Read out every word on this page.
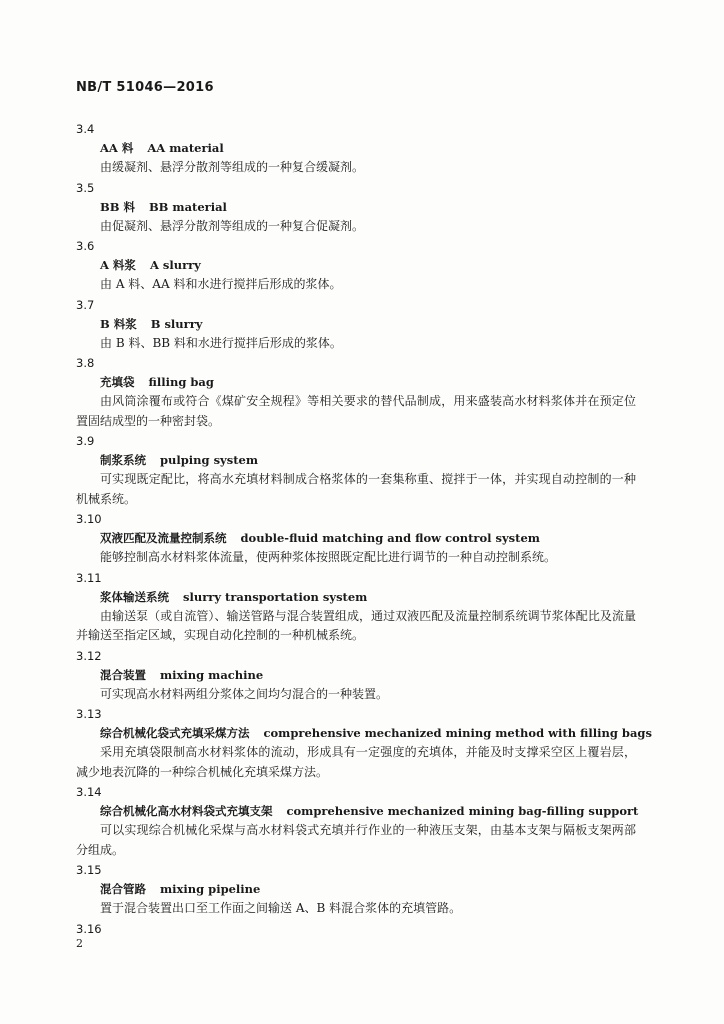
NB/T 51046—2016

3.4

AA 料 AA material

由缓凝剂、悬浮分散剂等组成的一种复合缓凝剂。

3.5

BB 料 BB material

由促凝剂、悬浮分散剂等组成的一种复合促凝剂。

3.6

A 料浆 A slurry

由 A 料、AA 料和水进行搅拌后形成的浆体。

3.7

B 料浆 B slurry

由 B 料、BB 料和水进行搅拌后形成的浆体。

3.8

充填袋 filling bag

由风筒涂覆布或符合《煤矿安全规程》等相关要求的替代品制成，用来盛装高水材料浆体并在预定位置固结成型的一种密封袋。

3.9

制浆系统 pulping system

可实现既定配比，将高水充填材料制成合格浆体的一套集称重、搅拌于一体，并实现自动控制的一种机械系统。

3.10

双液匹配及流量控制系统 double-fluid matching and flow control system

能够控制高水材料浆体流量，使两种浆体按照既定配比进行调节的一种自动控制系统。

3.11

浆体输送系统 slurry transportation system

由输送泵（或自流管）、输送管路与混合装置组成，通过双液匹配及流量控制系统调节浆体配比及流量并输送至指定区域，实现自动化控制的一种机械系统。

3.12

混合装置 mixing machine

可实现高水材料两组分浆体之间均匀混合的一种装置。

3.13

综合机械化袋式充填采煤方法 comprehensive mechanized mining method with filling bags

采用充填袋限制高水材料浆体的流动，形成具有一定强度的充填体，并能及时支撑采空区上覆岩层，减少地表沉降的一种综合机械化充填采煤方法。

3.14

综合机械化高水材料袋式充填支架 comprehensive mechanized mining bag-filling support

可以实现综合机械化采煤与高水材料袋式充填并行作业的一种液压支架，由基本支架与隔板支架两部分组成。

3.15

混合管路 mixing pipeline

置于混合装置出口至工作面之间输送 A、B 料混合浆体的充填管路。

3.16

2
